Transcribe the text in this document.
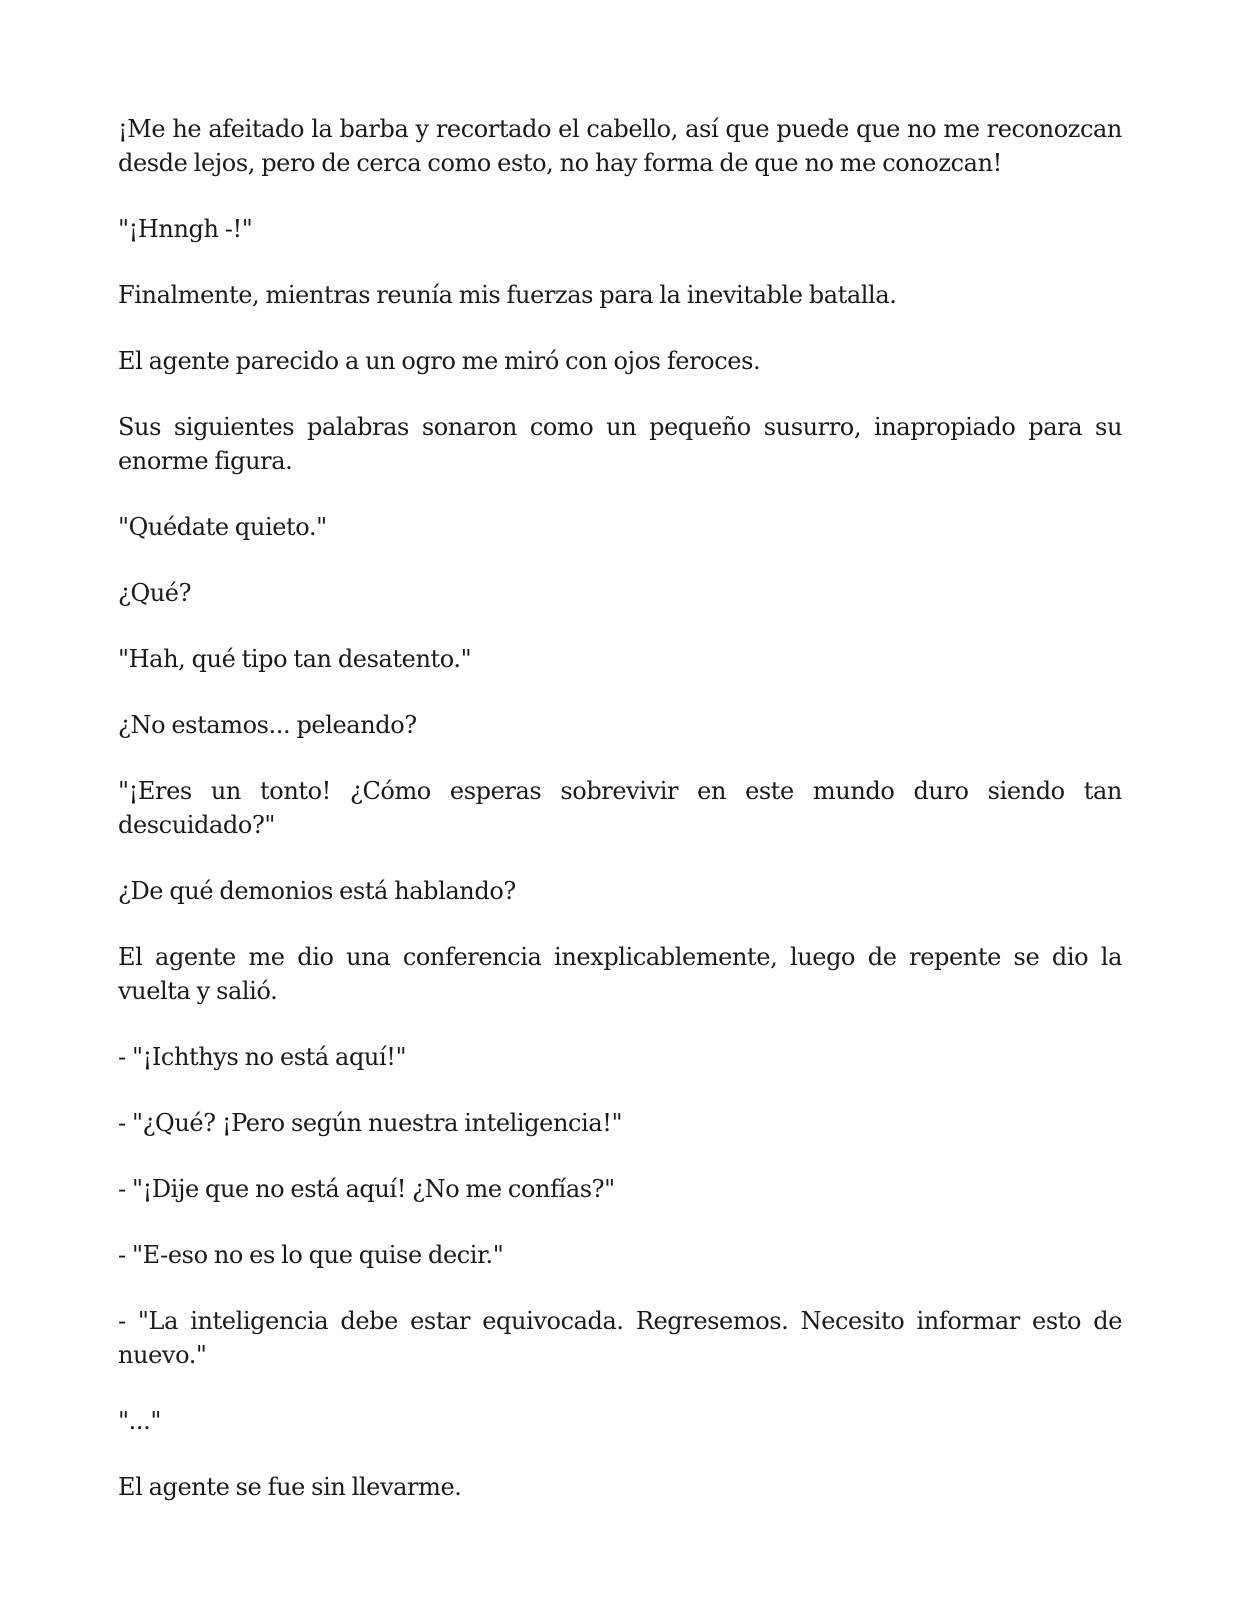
¡Me he afeitado la barba y recortado el cabello, así que puede que no me reconozcan desde lejos, pero de cerca como esto, no hay forma de que no me conozcan!

"¡Hnngh -!"

Finalmente, mientras reunía mis fuerzas para la inevitable batalla.

El agente parecido a un ogro me miró con ojos feroces.

Sus siguientes palabras sonaron como un pequeño susurro, inapropiado para su enorme figura.

"Quédate quieto."

¿Qué?

"Hah, qué tipo tan desatento."

¿No estamos... peleando?

"¡Eres un tonto! ¿Cómo esperas sobrevivir en este mundo duro siendo tan descuidado?"

¿De qué demonios está hablando?

El agente me dio una conferencia inexplicablemente, luego de repente se dio la vuelta y salió.

- "¡Ichthys no está aquí!"

- "¿Qué? ¡Pero según nuestra inteligencia!"

- "¡Dije que no está aquí! ¿No me confías?"

- "E-eso no es lo que quise decir."

- "La inteligencia debe estar equivocada. Regresemos. Necesito informar esto de nuevo."

"..."

El agente se fue sin llevarme.
